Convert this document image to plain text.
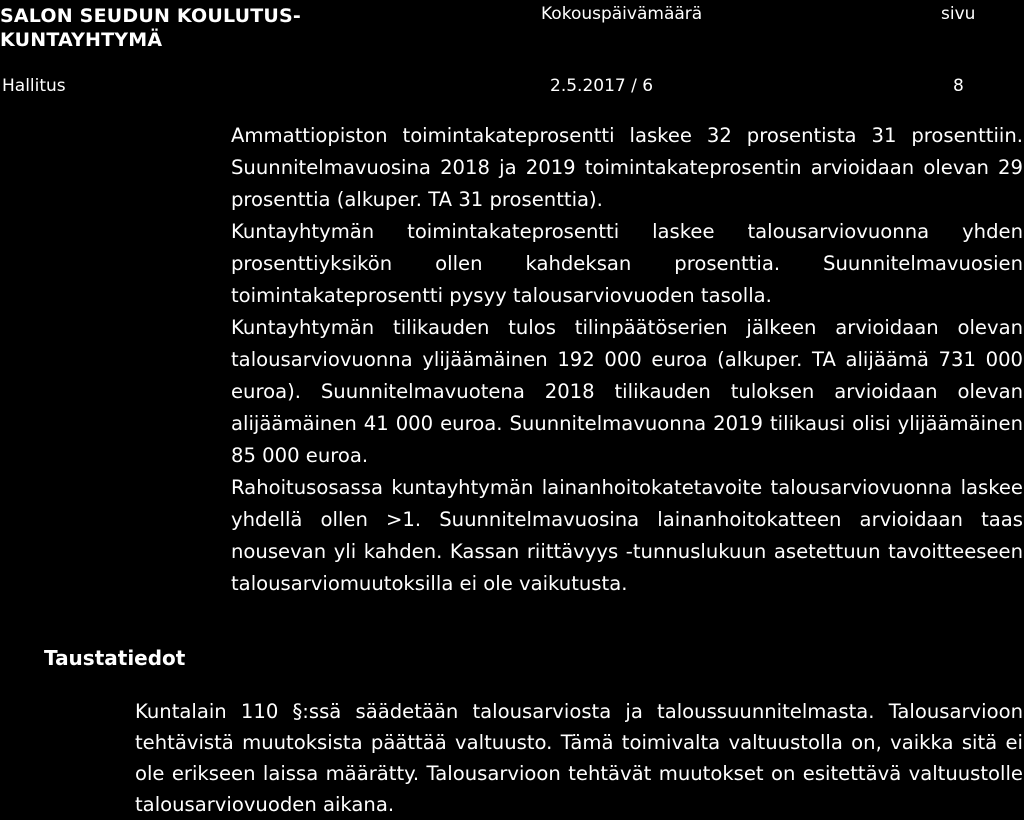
SALON SEUDUN KOULUTUS-
KUNTAYHTYMÄ
Kokouspäivämäärä	sivu
Hallitus	2.5.2017 / 6	8
Ammattiopiston toimintakateprosentti laskee 32 prosentista 31 prosenttiin. Suunnitelmavuosina 2018 ja 2019 toimintakateprosentin arvioidaan olevan 29 prosenttia (alkuper. TA 31 prosenttia).
Kuntayhtymän toimintakateprosentti laskee talousarviovuonna yhden prosenttiyksikön ollen kahdeksan prosenttia. Suunnitelmavuosien toimintakateprosentti pysyy talousarviovuoden tasolla.
Kuntayhtymän tilikauden tulos tilinpäätöserien jälkeen arvioidaan olevan talousarviovuonna ylijäämäinen 192 000 euroa (alkuper. TA alijäämä 731 000 euroa). Suunnitelmavuotena 2018 tilikauden tuloksen arvioidaan olevan alijäämäinen 41 000 euroa. Suunnitelmavuonna 2019 tilikausi olisi ylijäämäinen 85 000 euroa.
Rahoitusosassa kuntayhtymän lainanhoitokatetavoite talousarviovuonna laskee yhdellä ollen >1. Suunnitelmavuosina lainanhoitokatteen arvioidaan taas nousevan yli kahden. Kassan riittävyys -tunnuslukuun asetettuun tavoitteeseen talousarviomuutoksilla ei ole vaikutusta.
Taustatiedot
Kuntalain 110 §:ssä säädetään talousarviosta ja taloussuunnitelmasta. Talousarvioon tehtävistä muutoksista päättää valtuusto. Tämä toimivalta valtuustolla on, vaikka sitä ei ole erikseen laissa määrätty. Talousarvioon tehtävät muutokset on esitettävä valtuustolle talousarviovuoden aikana.
